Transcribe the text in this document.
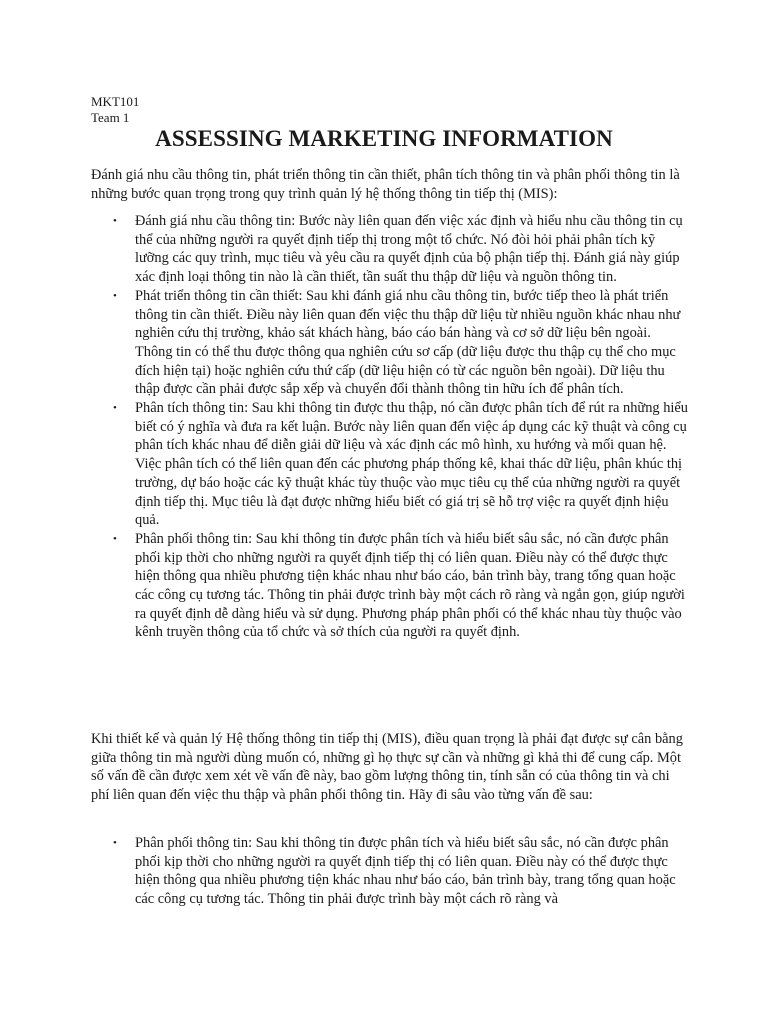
MKT101
Team 1
ASSESSING MARKETING INFORMATION

Đánh giá nhu cầu thông tin, phát triển thông tin cần thiết, phân tích thông tin và phân phối thông tin là những bước quan trọng trong quy trình quản lý hệ thống thông tin tiếp thị (MIS):

• Đánh giá nhu cầu thông tin: Bước này liên quan đến việc xác định và hiểu nhu cầu thông tin cụ thể của những người ra quyết định tiếp thị trong một tổ chức. Nó đòi hỏi phải phân tích kỹ lưỡng các quy trình, mục tiêu và yêu cầu ra quyết định của bộ phận tiếp thị. Đánh giá này giúp xác định loại thông tin nào là cần thiết, tần suất thu thập dữ liệu và nguồn thông tin.
• Phát triển thông tin cần thiết: Sau khi đánh giá nhu cầu thông tin, bước tiếp theo là phát triển thông tin cần thiết. Điều này liên quan đến việc thu thập dữ liệu từ nhiều nguồn khác nhau như nghiên cứu thị trường, khảo sát khách hàng, báo cáo bán hàng và cơ sở dữ liệu bên ngoài. Thông tin có thể thu được thông qua nghiên cứu sơ cấp (dữ liệu được thu thập cụ thể cho mục đích hiện tại) hoặc nghiên cứu thứ cấp (dữ liệu hiện có từ các nguồn bên ngoài). Dữ liệu thu thập được cần phải được sắp xếp và chuyển đổi thành thông tin hữu ích để phân tích.
• Phân tích thông tin: Sau khi thông tin được thu thập, nó cần được phân tích để rút ra những hiểu biết có ý nghĩa và đưa ra kết luận. Bước này liên quan đến việc áp dụng các kỹ thuật và công cụ phân tích khác nhau để diễn giải dữ liệu và xác định các mô hình, xu hướng và mối quan hệ. Việc phân tích có thể liên quan đến các phương pháp thống kê, khai thác dữ liệu, phân khúc thị trường, dự báo hoặc các kỹ thuật khác tùy thuộc vào mục tiêu cụ thể của những người ra quyết định tiếp thị. Mục tiêu là đạt được những hiểu biết có giá trị sẽ hỗ trợ việc ra quyết định hiệu quả.
• Phân phối thông tin: Sau khi thông tin được phân tích và hiểu biết sâu sắc, nó cần được phân phối kịp thời cho những người ra quyết định tiếp thị có liên quan. Điều này có thể được thực hiện thông qua nhiều phương tiện khác nhau như báo cáo, bản trình bày, trang tổng quan hoặc các công cụ tương tác. Thông tin phải được trình bày một cách rõ ràng và ngắn gọn, giúp người ra quyết định dễ dàng hiểu và sử dụng. Phương pháp phân phối có thể khác nhau tùy thuộc vào kênh truyền thông của tổ chức và sở thích của người ra quyết định.

Khi thiết kế và quản lý Hệ thống thông tin tiếp thị (MIS), điều quan trọng là phải đạt được sự cân bằng giữa thông tin mà người dùng muốn có, những gì họ thực sự cần và những gì khả thi để cung cấp. Một số vấn đề cần được xem xét về vấn đề này, bao gồm lượng thông tin, tính sẵn có của thông tin và chi phí liên quan đến việc thu thập và phân phối thông tin. Hãy đi sâu vào từng vấn đề sau:

• Phân phối thông tin: Sau khi thông tin được phân tích và hiểu biết sâu sắc, nó cần được phân phối kịp thời cho những người ra quyết định tiếp thị có liên quan. Điều này có thể được thực hiện thông qua nhiều phương tiện khác nhau như báo cáo, bản trình bày, trang tổng quan hoặc các công cụ tương tác. Thông tin phải được trình bày một cách rõ ràng và
